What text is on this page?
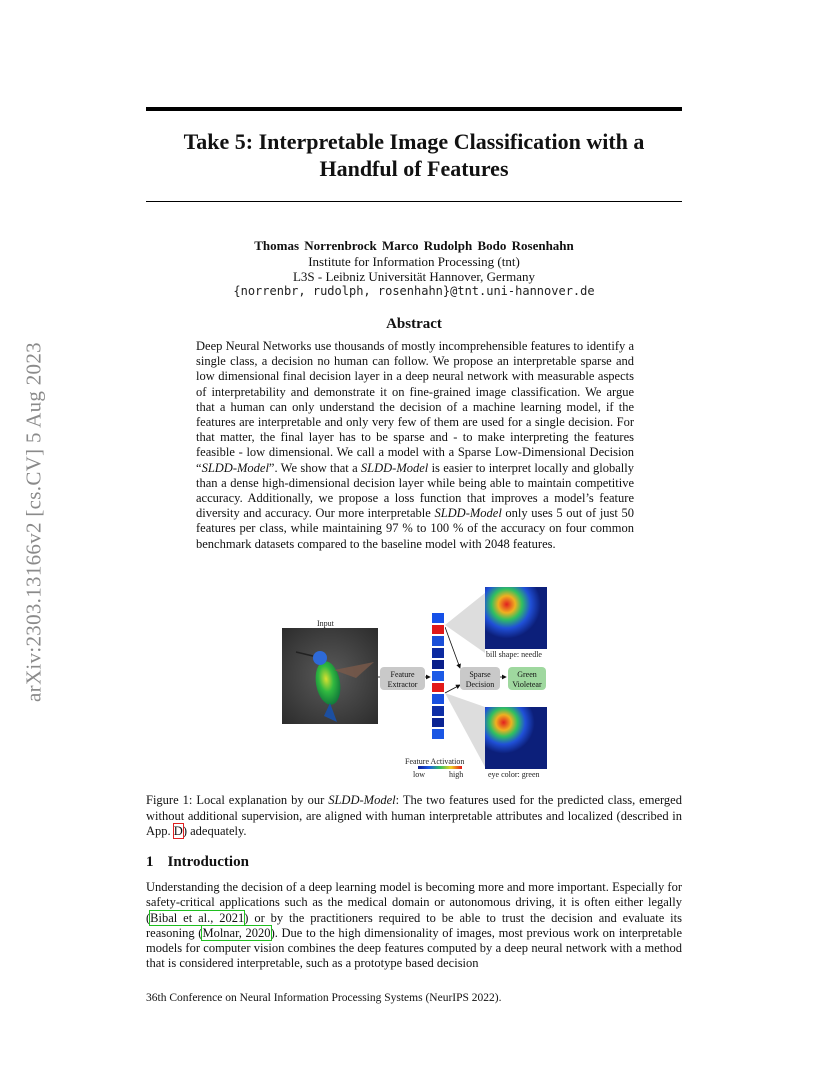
Take 5: Interpretable Image Classification with a
Handful of Features
Thomas Norrenbrock Marco Rudolph Bodo Rosenhahn
Institute for Information Processing (tnt)
L3S - Leibniz Universität Hannover, Germany
{norrenbr, rudolph, rosenhahn}@tnt.uni-hannover.de
arXiv:2303.13166v2 [cs.CV] 5 Aug 2023
Abstract
Deep Neural Networks use thousands of mostly incomprehensible features to identify a single class, a decision no human can follow. We propose an interpretable sparse and low dimensional final decision layer in a deep neural network with measurable aspects of interpretability and demonstrate it on fine-grained image classification. We argue that a human can only understand the decision of a machine learning model, if the features are interpretable and only very few of them are used for a single decision. For that matter, the final layer has to be sparse and - to make interpreting the features feasible - low dimensional. We call a model with a Sparse Low-Dimensional Decision “SLDD-Model”. We show that a SLDD-Model is easier to interpret locally and globally than a dense high-dimensional decision layer while being able to maintain competitive accuracy. Additionally, we propose a loss function that improves a model’s feature diversity and accuracy. Our more interpretable SLDD-Model only uses 5 out of just 50 features per class, while maintaining 97 % to 100 % of the accuracy on four common benchmark datasets compared to the baseline model with 2048 features.
Input
Feature
Extractor
Sparse
Decision
Green
Violetear
bill shape: needle
eye color: green
Feature Activation
low	high
Figure 1: Local explanation by our SLDD-Model: The two features used for the predicted class, emerged without additional supervision, are aligned with human interpretable attributes and localized (described in App. D) adequately.
1 Introduction
Understanding the decision of a deep learning model is becoming more and more important. Especially for safety-critical applications such as the medical domain or autonomous driving, it is often either legally (Bibal et al., 2021) or by the practitioners required to be able to trust the decision and evaluate its reasoning (Molnar, 2020). Due to the high dimensionality of images, most previous work on interpretable models for computer vision combines the deep features computed by a deep neural network with a method that is considered interpretable, such as a prototype based decision
36th Conference on Neural Information Processing Systems (NeurIPS 2022).
